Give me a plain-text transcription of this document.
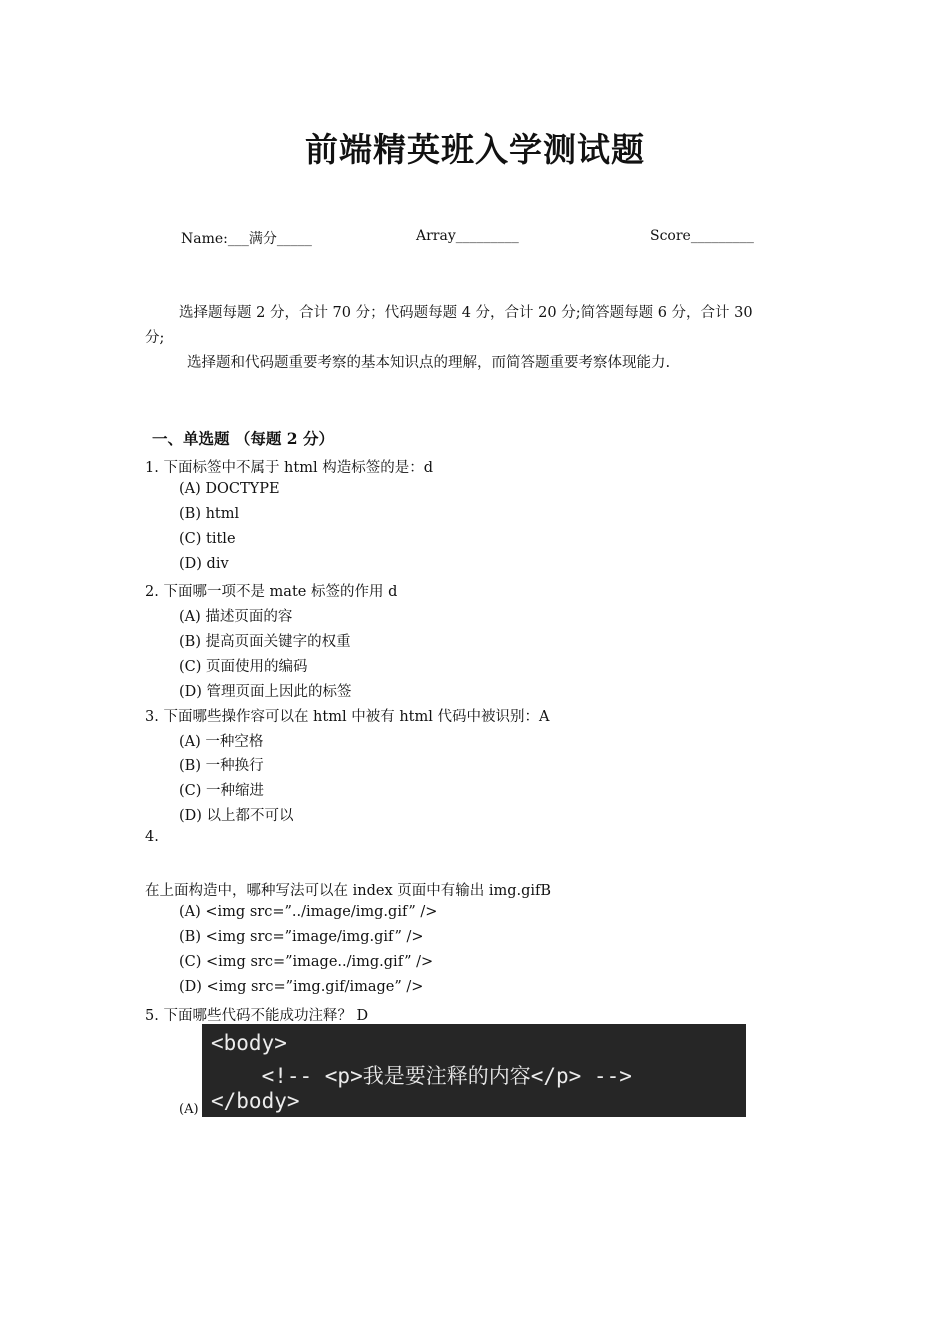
前端精英班入学测试题
Name:___满分_____	Array_________	Score_________
选择题每题 2 分，合计 70 分；代码题每题 4 分，合计 20 分;简答题每题 6 分，合计 30
分;
选择题和代码题重要考察的基本知识点的理解，而简答题重要考察体现能力.
一、单选题 （每题 2 分）
1. 下面标签中不属于 html 构造标签的是：d
(A) DOCTYPE
(B) html
(C) title
(D) div
2. 下面哪一项不是 mate 标签的作用 d
(A) 描述页面的容
(B) 提高页面关键字的权重
(C) 页面使用的编码
(D) 管理页面上因此的标签
3. 下面哪些操作容可以在 html 中被有 html 代码中被识别：A
(A) 一种空格
(B) 一种换行
(C) 一种缩进
(D) 以上都不可以
4.
在上面构造中，哪种写法可以在 index 页面中有输出 img.gifB
(A) <img src=”../image/img.gif” />
(B) <img src=”image/img.gif” />
(C) <img src=”image../img.gif” />
(D) <img src=”img.gif/image” />
5. 下面哪些代码不能成功注释？ D
(A)
<body>
<!-- <p>我是要注释的内容</p> -->
</body>
